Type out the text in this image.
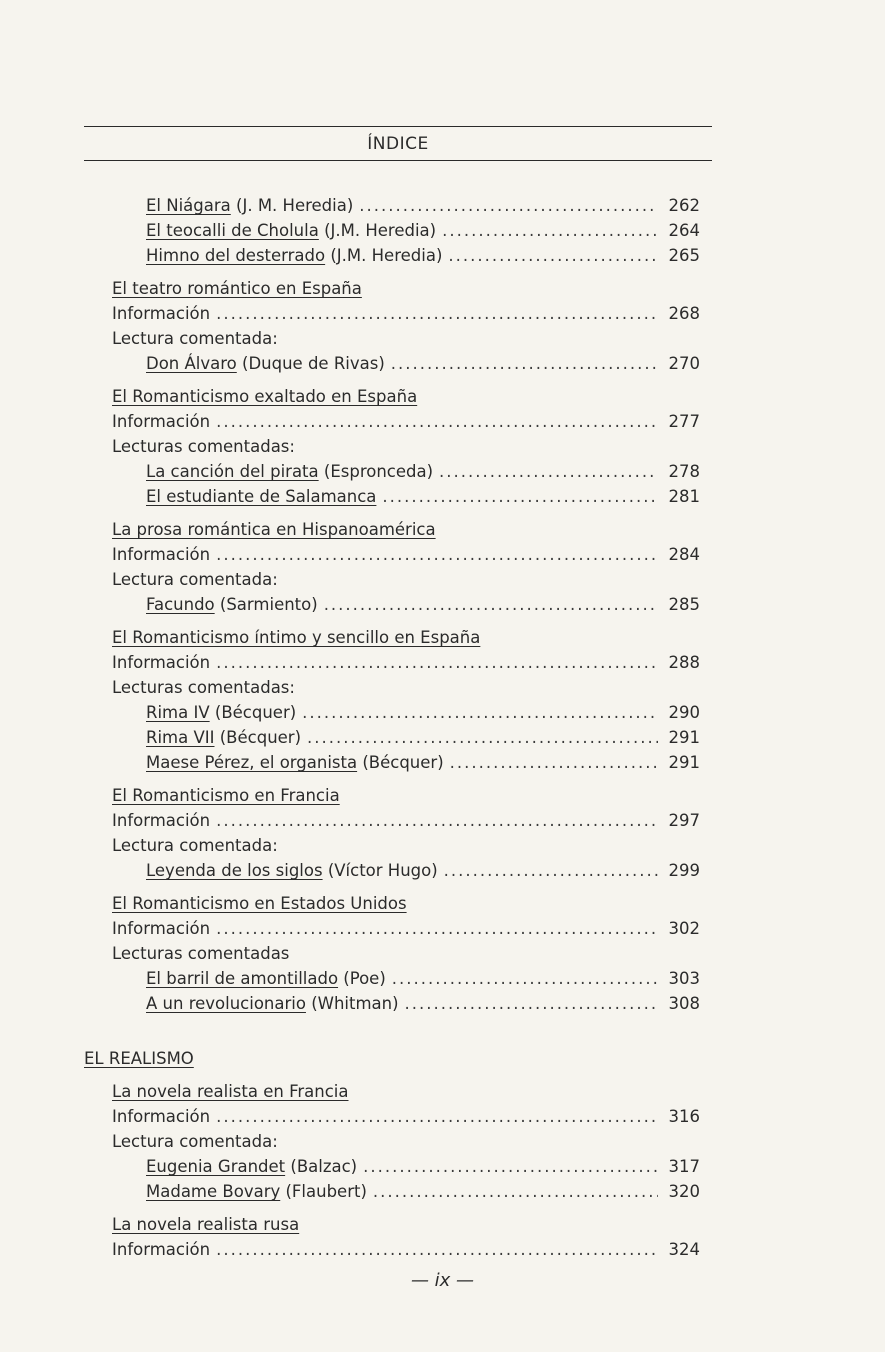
ÍNDICE
El Niágara (J. M. Heredia) .....	262
El teocalli de Cholula (J.M. Heredia) .....	264
Himno del desterrado (J.M. Heredia) .....	265
El teatro romántico en España
Información .....	268
Lectura comentada:
Don Álvaro (Duque de Rivas) .....	270
El Romanticismo exaltado en España
Información .....	277
Lecturas comentadas:
La canción del pirata (Espronceda) .....	278
El estudiante de Salamanca .....	281
La prosa romántica en Hispanoamérica
Información .....	284
Lectura comentada:
Facundo (Sarmiento) .....	285
El Romanticismo íntimo y sencillo en España
Información .....	288
Lecturas comentadas:
Rima IV (Bécquer) .....	290
Rima VII (Bécquer) .....	291
Maese Pérez, el organista (Bécquer) .....	291
El Romanticismo en Francia
Información .....	297
Lectura comentada:
Leyenda de los siglos (Víctor Hugo) .....	299
El Romanticismo en Estados Unidos
Información .....	302
Lecturas comentadas
El barril de amontillado (Poe) .....	303
A un revolucionario (Whitman) .....	308
EL REALISMO
La novela realista en Francia
Información .....	316
Lectura comentada:
Eugenia Grandet (Balzac) .....	317
Madame Bovary (Flaubert) .....	320
La novela realista rusa
Información .....	324
— ix —
